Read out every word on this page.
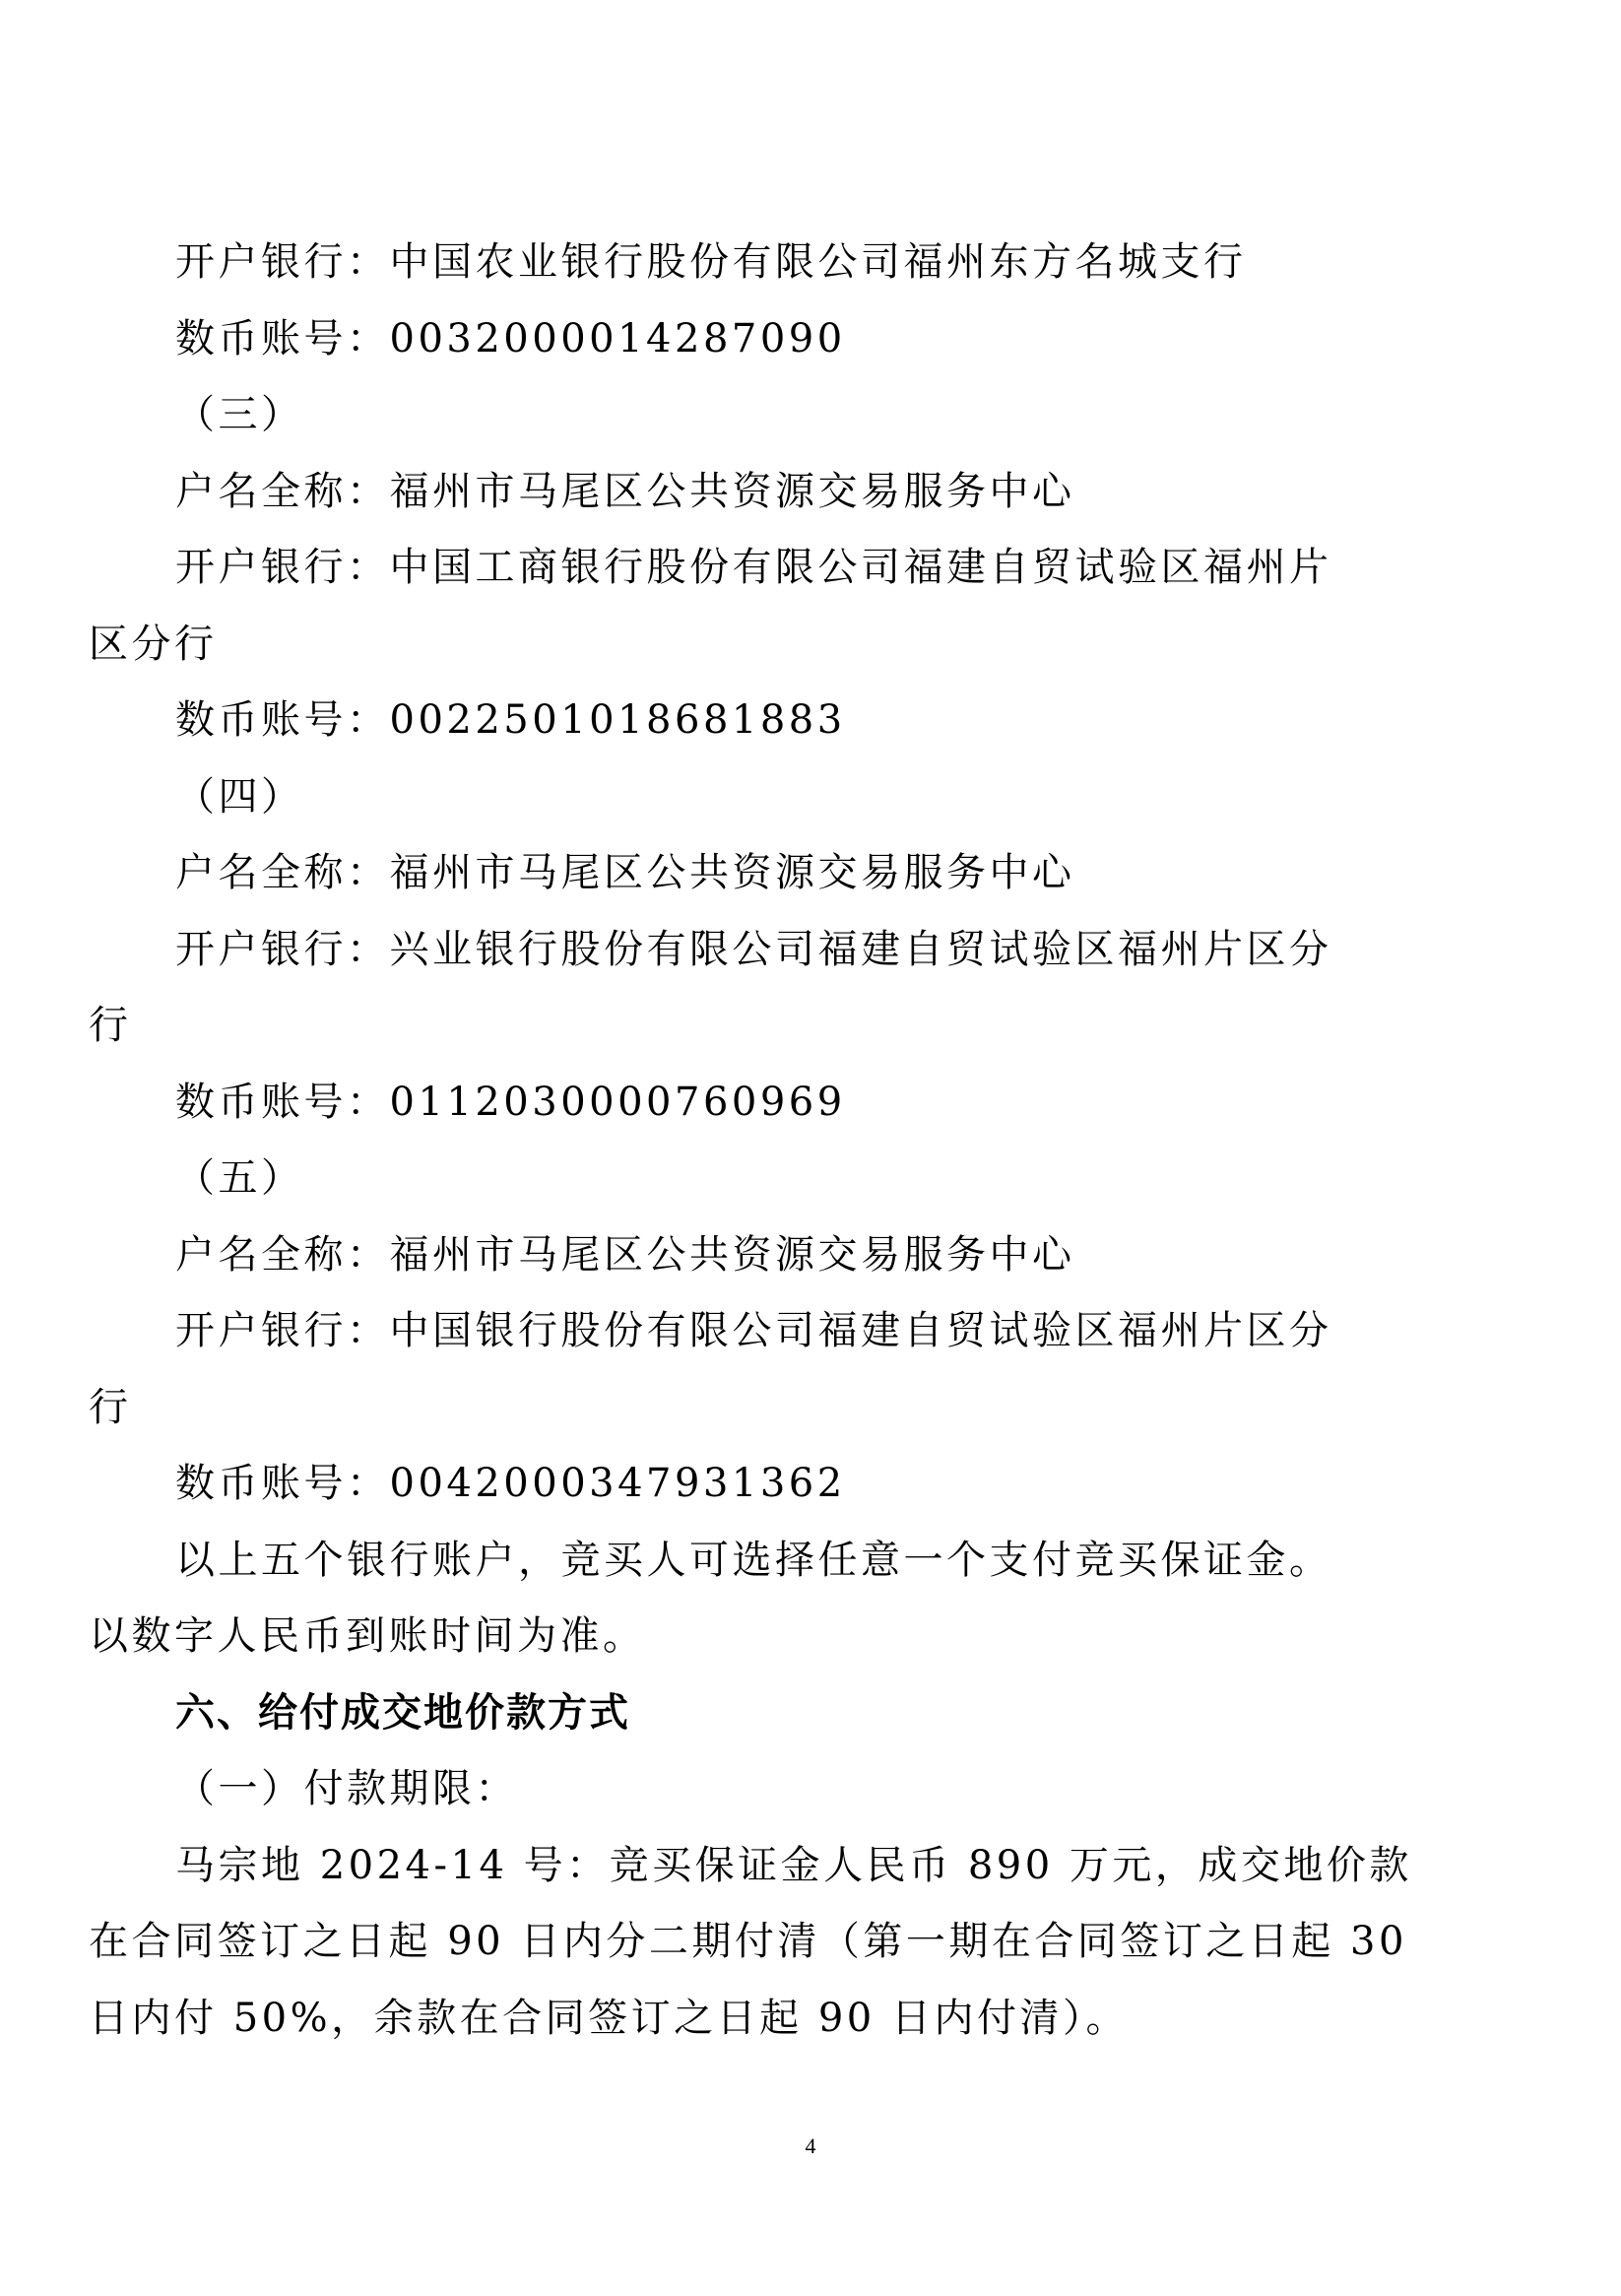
开户银行：中国农业银行股份有限公司福州东方名城支行
数币账号：0032000014287090
（三）
户名全称：福州市马尾区公共资源交易服务中心
开户银行：中国工商银行股份有限公司福建自贸试验区福州片
区分行
数币账号：0022501018681883
（四）
户名全称：福州市马尾区公共资源交易服务中心
开户银行：兴业银行股份有限公司福建自贸试验区福州片区分
行
数币账号：0112030000760969
（五）
户名全称：福州市马尾区公共资源交易服务中心
开户银行：中国银行股份有限公司福建自贸试验区福州片区分
行
数币账号：0042000347931362
以上五个银行账户，竞买人可选择任意一个支付竞买保证金。
以数字人民币到账时间为准。
六、给付成交地价款方式
（一）付款期限：
马宗地 2024-14 号：竞买保证金人民币 890 万元，成交地价款
在合同签订之日起 90 日内分二期付清（第一期在合同签订之日起 30
日内付 50%，余款在合同签订之日起 90 日内付清）。
4
